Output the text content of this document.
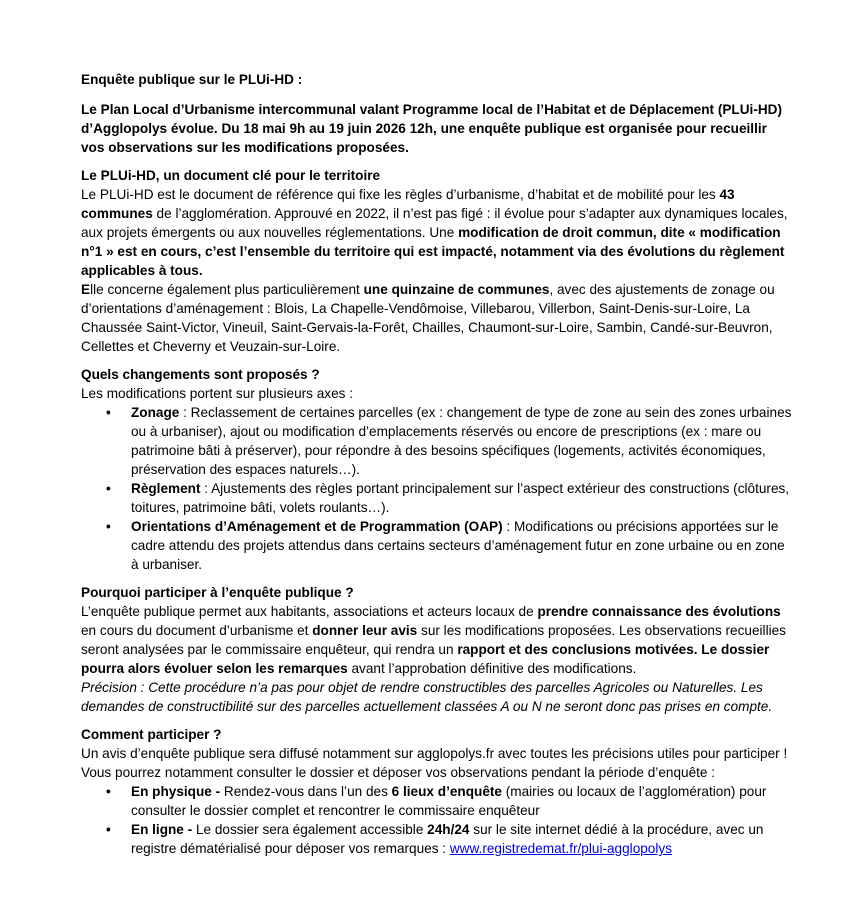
Enquête publique sur le PLUi-HD :

Le Plan Local d’Urbanisme intercommunal valant Programme local de l’Habitat et de Déplacement (PLUi-HD) d’Agglopolys évolue. Du 18 mai 9h au 19 juin 2026 12h, une enquête publique est organisée pour recueillir vos observations sur les modifications proposées.

Le PLUi-HD, un document clé pour le territoire

Le PLUi-HD est le document de référence qui fixe les règles d’urbanisme, d’habitat et de mobilité pour les 43 communes de l’agglomération. Approuvé en 2022, il n’est pas figé : il évolue pour s’adapter aux dynamiques locales, aux projets émergents ou aux nouvelles réglementations. Une modification de droit commun, dite « modification n°1 » est en cours, c’est l’ensemble du territoire qui est impacté, notamment via des évolutions du règlement applicables à tous.

Elle concerne également plus particulièrement une quinzaine de communes, avec des ajustements de zonage ou d’orientations d’aménagement : Blois, La Chapelle-Vendômoise, Villebarou, Villerbon, Saint-Denis-sur-Loire, La Chaussée Saint-Victor, Vineuil, Saint-Gervais-la-Forêt, Chailles, Chaumont-sur-Loire, Sambin, Candé-sur-Beuvron, Cellettes et Cheverny et Veuzain-sur-Loire.

Quels changements sont proposés ?

Les modifications portent sur plusieurs axes :

• Zonage : Reclassement de certaines parcelles (ex : changement de type de zone au sein des zones urbaines ou à urbaniser), ajout ou modification d’emplacements réservés ou encore de prescriptions (ex : mare ou patrimoine bâti à préserver), pour répondre à des besoins spécifiques (logements, activités économiques, préservation des espaces naturels…).
• Règlement : Ajustements des règles portant principalement sur l’aspect extérieur des constructions (clôtures, toitures, patrimoine bâti, volets roulants…).
• Orientations d’Aménagement et de Programmation (OAP) : Modifications ou précisions apportées sur le cadre attendu des projets attendus dans certains secteurs d’aménagement futur en zone urbaine ou en zone à urbaniser.

Pourquoi participer à l’enquête publique ?

L’enquête publique permet aux habitants, associations et acteurs locaux de prendre connaissance des évolutions en cours du document d’urbanisme et donner leur avis sur les modifications proposées. Les observations recueillies seront analysées par le commissaire enquêteur, qui rendra un rapport et des conclusions motivées. Le dossier pourra alors évoluer selon les remarques avant l’approbation définitive des modifications.

Précision : Cette procédure n’a pas pour objet de rendre constructibles des parcelles Agricoles ou Naturelles. Les demandes de constructibilité sur des parcelles actuellement classées A ou N ne seront donc pas prises en compte.

Comment participer ?

Un avis d’enquête publique sera diffusé notamment sur agglopolys.fr avec toutes les précisions utiles pour participer ! Vous pourrez notamment consulter le dossier et déposer vos observations pendant la période d’enquête :

• En physique - Rendez-vous dans l’un des 6 lieux d’enquête (mairies ou locaux de l’agglomération) pour consulter le dossier complet et rencontrer le commissaire enquêteur
• En ligne - Le dossier sera également accessible 24h/24 sur le site internet dédié à la procédure, avec un registre dématérialisé pour déposer vos remarques : www.registredemat.fr/plui-agglopolys
